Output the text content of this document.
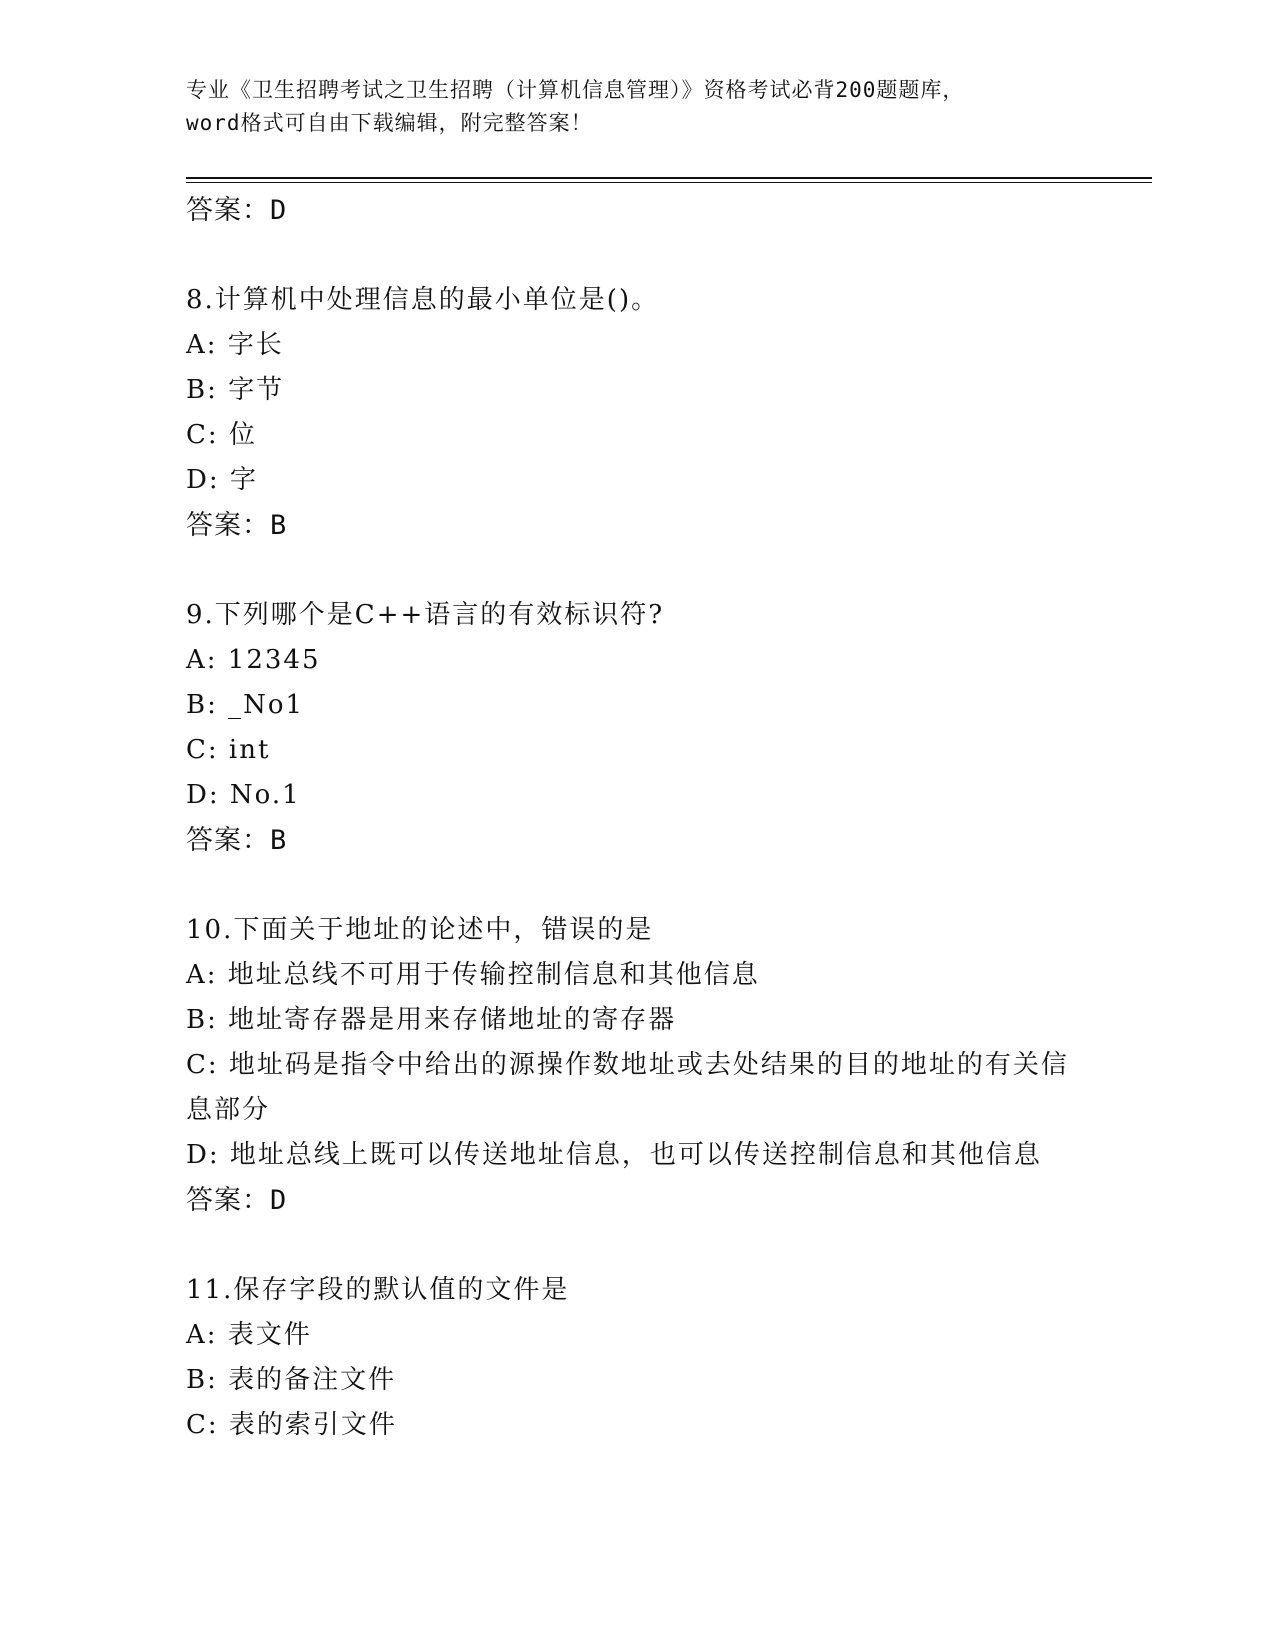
专业《卫生招聘考试之卫生招聘（计算机信息管理）》资格考试必背200题题库，
word格式可自由下载编辑，附完整答案！
答案：D
8.计算机中处理信息的最小单位是()。
A: 字长
B: 字节
C: 位
D: 字
答案：B
9.下列哪个是C++语言的有效标识符?
A: 12345
B: _No1
C: int
D: No.1
答案：B
10.下面关于地址的论述中，错误的是
A: 地址总线不可用于传输控制信息和其他信息
B: 地址寄存器是用来存储地址的寄存器
C: 地址码是指令中给出的源操作数地址或去处结果的目的地址的有关信息部分
D: 地址总线上既可以传送地址信息，也可以传送控制信息和其他信息
答案：D
11.保存字段的默认值的文件是
A: 表文件
B: 表的备注文件
C: 表的索引文件
